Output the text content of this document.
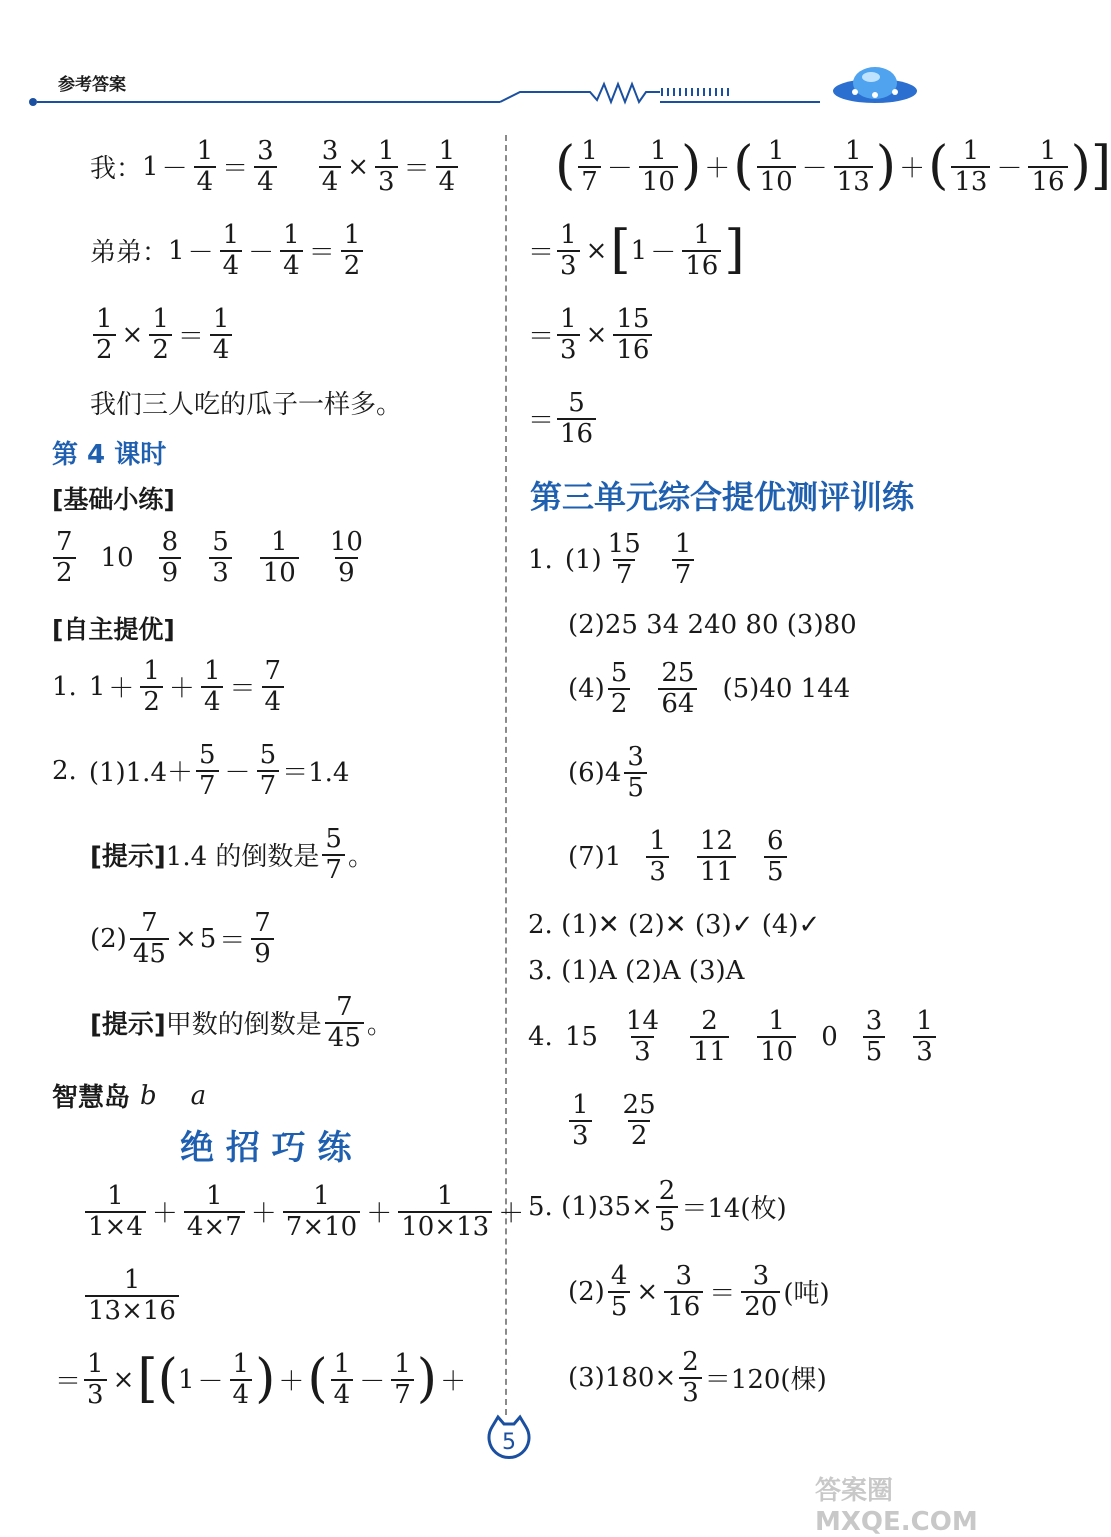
参考答案
我： $1 - \frac{1}{4} = \frac{3}{4} \frac{3}{4} \times \frac{1}{3} = \frac{1}{4}$
弟弟： $1 - \frac{1}{4} - \frac{1}{4} = \frac{1}{2}$
$\frac{1}{2} \times \frac{1}{2} = \frac{1}{4}$
我们三人吃的瓜子一样多。
第 4 课时
[基础小练]
$\frac{7}{2} 10 \frac{8}{9} \frac{5}{3} \frac{1}{10} \frac{10}{9}$
[自主提优]
1. $1 + \frac{1}{2} + \frac{1}{4} = \frac{7}{4}$
2. $(1)1.4+ \frac{5}{7} - \frac{5}{7} =1.4$
[提示] 1.4 的倒数是 $\frac{5}{7}$ 。
$(2) \frac{7}{45} \times 5 = \frac{7}{9}$
[提示] 甲数的倒数是 $\frac{7}{45}$ 。
智慧岛 b a
绝 招 巧 练
$\frac{1}{1\times 4} + \frac{1}{4\times 7} + \frac{1}{7\times 10} + \frac{1}{10\times 13}$ ＋
$\frac{1}{13\times 16}$
＝ $\frac{1}{3}$ × [ ( $1 - \frac{1}{4}$ ) ＋ ( $\frac{1}{4} - \frac{1}{7}$ ) ＋
( $\frac{1}{7} - \frac{1}{10}$ ) ＋ ( $\frac{1}{10} - \frac{1}{13}$ ) ＋ ( $\frac{1}{13} - \frac{1}{16}$ ) ]
＝ $\frac{1}{3}$ × [ $1 - \frac{1}{16}$ ]
＝ $\frac{1}{3} \times \frac{15}{16}$
＝ $\frac{5}{16}$
第三单元综合提优测评训练
1. $(1) \frac{15}{7} \frac{1}{7}$
(2)25 34 240 80 (3)80
$(4) \frac{5}{2} \frac{25}{64} (5)40$ 144
$(6)4 \frac{3}{5}$
$(7)1 \frac{1}{3} \frac{12}{11} \frac{6}{5}$
2. (1)✕ (2)✕ (3)✓ (4)✓
3. (1)A (2)A (3)A
4. $15 \frac{14}{3} \frac{2}{11} \frac{1}{10} 0 \frac{3}{5} \frac{1}{3}$
$\frac{1}{3} \frac{25}{2}$
5. $(1)35\times \frac{2}{5} =14$(枚)
$(2) \frac{4}{5} \times \frac{3}{16} = \frac{3}{20}$ (吨)
$(3)180\times \frac{2}{3} =120$(棵)
5
答案圈 MXQE.COM
